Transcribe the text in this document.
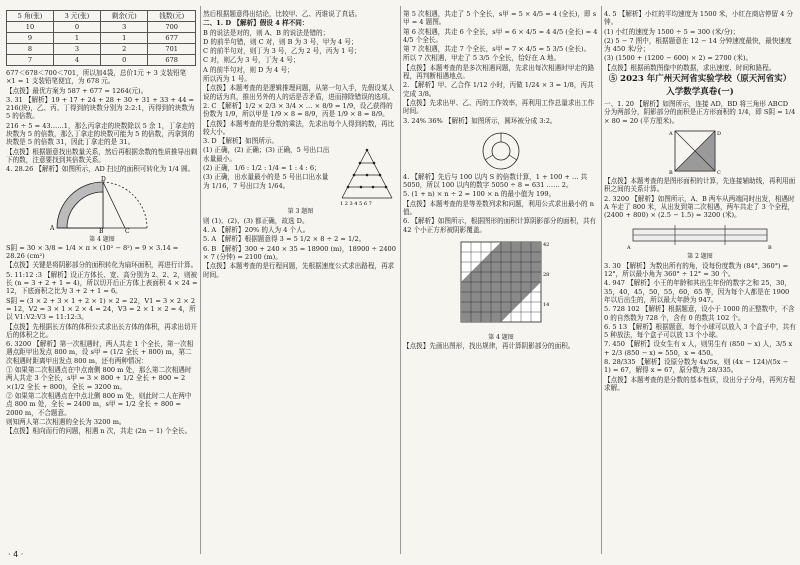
5 角(张)	3 元(张)	剩余(元)	钱数(元)
10	0	3	700
9	1	1	677
8	3	2	701
7	4	0	678

677＜678＜700＜701，所以加4袋，总价1元 + 3 支装铅笔 ×1 = 1 支装铅笔便宜，为 678 元。

【点拨】最优方案为 587 + 677 = 1264(元)。

3. 31 【解析】19 + 17 + 24 + 28 + 30 + 31 + 33 + 44 = 216(块)，乙、丙、丁得到的块数分别为 2:2:1，丙得到的块数为 5 的倍数。

216 ÷ 5 = 43……1，那么丙拿走的块数除以 5 余 1，丁拿走的块数为 5 的倍数，那么丁拿走的块数可能为 5 的倍数，丙拿到的块数是 5 的倍数 31，因此丁拿走的是 31。

【点拨】根据题意找出数量关系，然后再根据余数的性质推导出剩下的数，注意要找到其倍数关系。

4. 28.26 【解析】如图所示，AD 扫过的面积可转化为 1/4 圆。

A
D
B	C
第 4 题图

S阴 = 30 × 3/8 = 1/4 × π × (10² − 8²) = 9 × 3.14 = 28.26 (cm²)

【点拨】关键是将阴影部分的面积转化为扇环面积，再进行计算。

5. 11:12 :3 【解析】设正方体长、宽、高分别为 2、2、2，则被长 (n = 3 + 2 + 1 = 4)，所以切开后正方体上表面积 4 × 24 = 12，下底面积之比为 3 + 2 + 1 = 6。

S阴 = (3 × 2 + 3 × 1 + 2 × 1) × 2 = 22，V1 = 3 × 2 × 2 = 12，V2 = 3 × 1 × 2 × 4 = 24，V3 = 2 × 1 × 2 = 4，所以 V1:V2:V3 = 11:12:3。

【点拨】先根据长方体的体积公式求出长方体的体积，再求出切开后的体积之比。

6. 3200 【解析】第一次相遇时，两人共走 1 个全长，第一次相遇点距甲出发点 800 m，设 s甲 = (1/2 全长 + 800) m，第二次相遇时距离甲出发点 800 m，还有两种情况：

① 如果第二次相遇点在中点南侧 800 m 处，那么第二次相遇时两人共走 3 个全长，s甲 = 3 × 800 + 1/2 全长 + 800 = 2 ×(1/2 全长 + 800)，全长 = 3200 m。

② 如果第二次相遇点在中点北侧 800 m 处，则此时二人在两中点 800 m 处，全长 = 2400 m，s甲 = 1/2 全长 + 800 = 2000 m，不合题意。

则知两人第二次相遇的全长为 3200 m。

【点拨】相向而行的问题，相遇 n 次，共走 (2n − 1) 个全长。

然后根据题意得出结论，比较甲、乙、丙谁说了真话。

二、1. D 【解析】假设 4 样不同：

B 的说法是对的，则 A、B 的说法是错的；

D 的前半句错，则 C 对，则 B 为 3 号，甲为 4 号；

C 的前半句对，则丁为 3 号，乙为 2 号，丙为 1 号；

C 对，则乙为 3 号，丁为 4 号；

A 的前半句对，则 D 为 4 号；

所以丙为 1 号。

【点拨】本题考查的是逻辑推理问题，从第一句入手，先假设某人说的话为真，推出另外的人的话是否矛盾，进而排除错误的选项。

2. C 【解析】1/2 × 2/3 × 3/4 × … × 8/9 = 1/9，设乙获得的份数为 1/9，所以甲是 1/9 × 8 = 8/9，丙是 1/9 × 8 = 8/9。

【点拨】本题考查的是分数的乘法，先求出每个人得到的数，再比较大小。

3. D 【解析】如图所示。

1 2 3 4 5 6 7

(1) 正确，(2) 正确；(3) 正确，5 号出口出水量最小。

(2) 正确，1/6 : 1/2 : 1/4 = 1 : 4 : 6；

(3) 正确，出水量最小的是 5 号出口出水量为 1/16，7 号出口为 1/64。

第 3 题图

则 (1)、(2)、(3) 都正确，故选 D。

4. A 【解析】20% 的人为 4 个人。

5. A 【解析】根据题意得 3 = 5 1/2 × 8 ÷ 2 = 1/2。

6. B 【解析】300 + 240 × 35 = 18900 (m)，18900 ÷ 2400 × 7 (分钟) = 2100 (m)。

【点拨】本题考查的是行程问题，先根据速度公式求出路程，再求时间。

第 5 次相遇，共走了 5 个全长，s甲 = 5 × 4/5 = 4 (全长)，即 s甲 = 4 题图。

第 6 次相遇，共走 6 个全长，s甲 = 6 × 4/5 = 4 4/5 (全长) = 4 4/5 个全长。

第 7 次相遇，共走 7 个全长，s甲 = 7 × 4/5 = 5 3/5 (全长)。

所以 7 次相遇，甲走了 5 3/5 个全长，恰好在 A 地。

【点拨】本题考查的是多次相遇问题，先求出每次相遇时甲走的路程，再判断相遇地点。

2. 【解析】甲、乙合作 1/12 小时，丙做 1/24 × 3 = 1/8，丙共完成 3/8。

【点拨】先求出甲、乙、丙的工作效率，再利用工作总量求出工作时间。

3. 24% 36% 【解析】如图所示，圆环被分成 3:2。

4. 【解析】先后与 100 以内 S 的倍数计算，1 + 100 + … 共 5050，所以 100 以内的数字 5050 ÷ 8 = 631 …… 2。

5. (1 + n) × n ÷ 2 = 100 × n 的最小值为 199。

【点拨】本题考查的是等差数列求和问题，利用公式求出最小的 n 值。

6. 【解析】如图所示，根据图形的面积计算阴影部分的面积，共有 42 个小正方形被阴影覆盖。

42
28
14
第 4 题图

【点拨】先画出图形，找出规律，再计算阴影部分的面积。

4. 5 【解析】小红的平均速度为 1500 米，小红在商店停留 4 分钟。

(1) 小红的速度为 1500 ÷ 5 = 300 (米/分)；

(2) 5 − 7 图中，根据题意在 12 − 14 分钟速度最快，最快速度为 450 米/分；

(3) (1500 + (1200 − 600) × 2) = 2700 (米)。

【点拨】根据函数图像中的数据，求出速度、时间和路程。

⑤ 2023 年广州天河省实验学校（原天河省实）
入学数学真卷(一)

一、1. 20 【解析】如图所示，连接 AD，BD 将三角形 ABCD 分为两部分，阴影部分的面积是正方形面积的 1/4，即 S阴 = 1/4 × 80 = 20 (平方厘米)。

A	D
B	C

【点拨】本题考查的是图形面积的计算，先连接辅助线，再利用面积之间的关系计算。

2. 3200 【解析】如图所示，A、B 两车从两端同时出发，相遇时 A 车走了 800 米，从出发到第二次相遇，两车共走了 3 个全程，(2400 + 800) × (2.5 − 1.5) = 3200 (米)。

A	B
第 2 题图

3. 30 【解析】为数出所有的角，设每份度数为 (84°, 360°) = 12°，所以最小角为 360° ÷ 12° = 30 个。

4. 947 【解析】小王的年龄和其出生年份的数字之和 25，30，35，40，45，50，55，60，65 等，因为每个人都是在 1900 年以后出生的，所以最大年龄为 947。

5. 728 102 【解析】根据题意，设小于 1000 的正整数中，不含 0 的自然数为 728 个，含有 0 的数共 102 个。

6. 5 13 【解析】根据题意，每个小球可以放入 3 个盒子中，共有 5 种放法，每个盒子可以放 13 个小球。

7. 450 【解析】设女生有 x 人，则男生有 (850 − x) 人，3/5 x + 2/3 (850 − x) = 550，x = 450。

8. 28/335 【解析】设原分数为 4x/5x，则 (4x − 124)/(5x − 1) = 67，解得 x = 67，原分数为 28/335。

【点拨】本题考查的是分数的基本性质，设出分子分母，再列方程求解。

· 4 ·
